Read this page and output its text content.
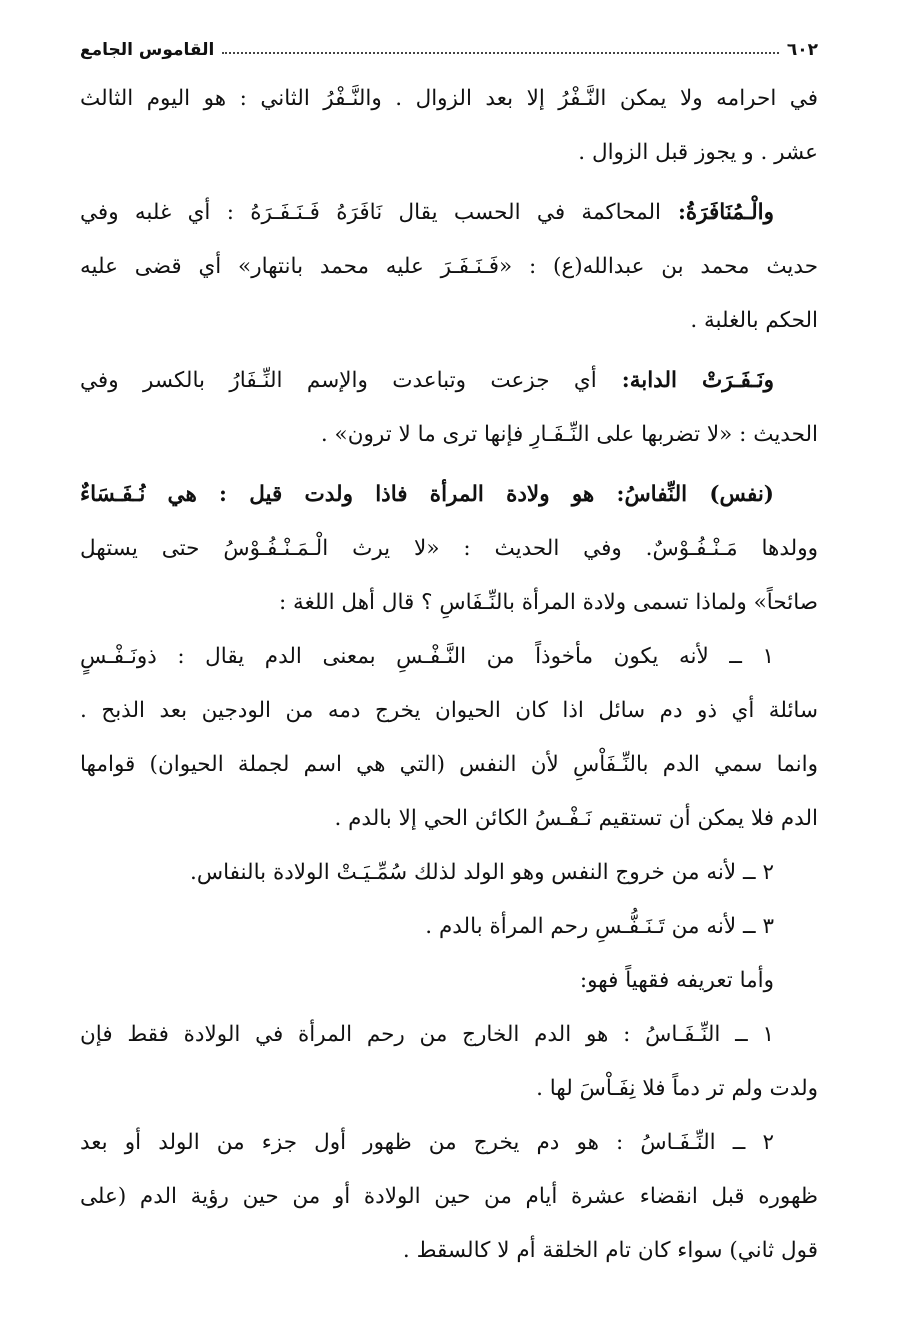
٦٠٢
القاموس الجامع
في احرامه ولا يمكن النَّـفْرُ إلا بعد الزوال . والنَّـفْرُ الثاني : هو اليوم الثالث
عشر . و يجوز قبل الزوال .
والْـمُنَافَرَةُ: المحاكمة في الحسب يقال نَافَرَهُ فَـنَـفَـرَهُ : أي غلبه وفي
حديث محمد بن عبدالله(ع) : «فَـنَـفَـرَ عليه محمد بانتهار» أي قضى عليه
الحكم بالغلبة .
ونَـفَـرَتْ الدابة: أي جزعت وتباعدت والإسم النِّـفَارُ بالكسر وفي
الحديث : «لا تضربها على النِّـفَـارِ فإنها ترى ما لا ترون» .
(نفس) النِّفاسُ: هو ولادة المرأة فاذا ولدت قيل : هي نُـفَـسَاءٌ
وولدها مَـنْـفُـوْسٌ. وفي الحديث : «لا يرث الْـمَـنْـفُـوْسُ حتى يستهل
صائحاً» ولماذا تسمى ولادة المرأة بالنِّـفَاسِ ؟ قال أهل اللغة :
١ ــ لأنه يكون مأخوذاً من النَّـفْـسِ بمعنى الدم يقال : ذونَـفْـسٍ
سائلة أي ذو دم سائل اذا كان الحيوان يخرج دمه من الودجين بعد الذبح .
وانما سمي الدم بالنِّـفَاْسِ لأن النفس (التي هي اسم لجملة الحيوان) قوامها
الدم فلا يمكن أن تستقيم نَـفْـسُ الكائن الحي إلا بالدم .
٢ ــ لأنه من خروج النفس وهو الولد لذلك سُمِّـيَـتْ الولادة بالنفاس.
٣ ــ لأنه من تَـنَـفُّـسِ رحم المرأة بالدم .
وأما تعريفه فقهياً فهو:
١ ــ النِّـفَـاسُ : هو الدم الخارج من رحم المرأة في الولادة فقط فإن
ولدت ولم تر دماً فلا نِفَـاْسَ لها .
٢ ــ النِّـفَـاسُ : هو دم يخرج من ظهور أول جزء من الولد أو بعد
ظهوره قبل انقضاء عشرة أيام من حين الولادة أو من حين رؤية الدم (على
قول ثاني) سواء كان تام الخلقة أم لا كالسقط .
